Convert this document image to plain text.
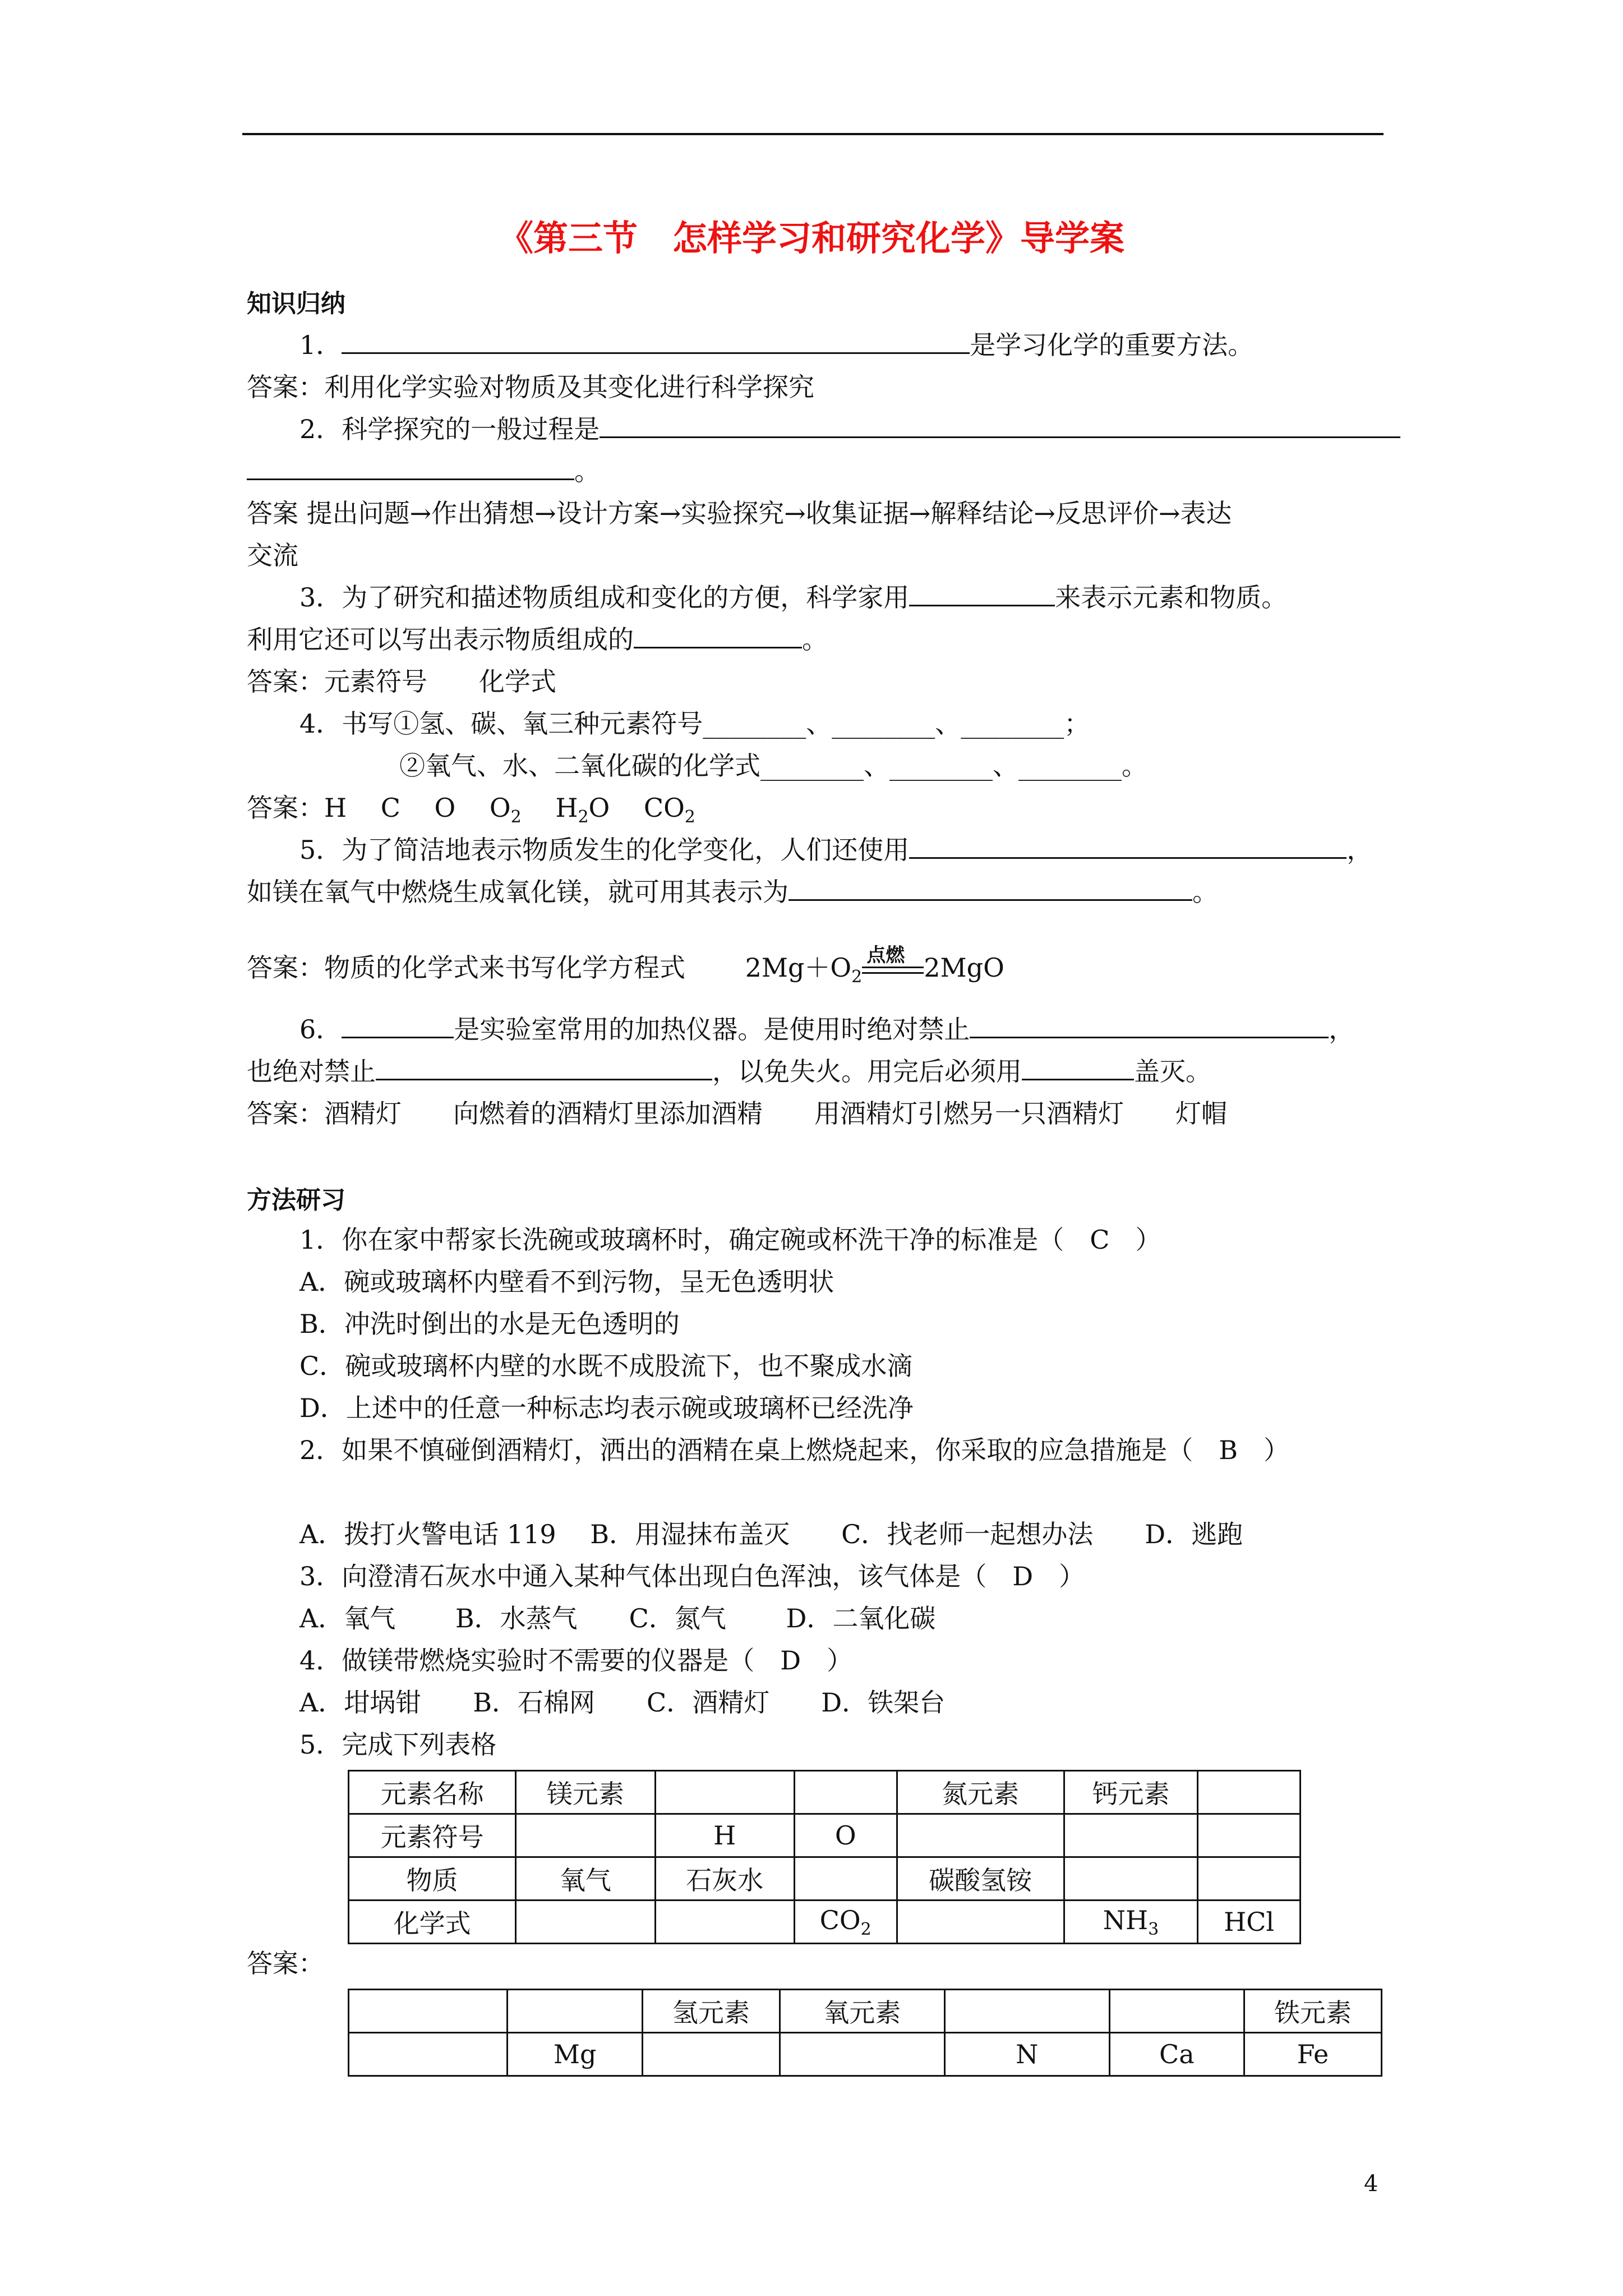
《第三节　怎样学习和研究化学》导学案
知识归纳
1．	是学习化学的重要方法。
答案：利用化学实验对物质及其变化进行科学探究
2．科学探究的一般过程是
。
答案 提出问题→作出猜想→设计方案→实验探究→收集证据→解释结论→反思评价→表达
交流
3．为了研究和描述物质组成和变化的方便，科学家用	来表示元素和物质。
利用它还可以写出表示物质组成的	。
答案：元素符号　　化学式
4．书写①氢、碳、氧三种元素符号________、________、________；
②氧气、水、二氧化碳的化学式________、________、________。
答案：H　 C　 O　 $O_2$　 $H_2O$　 $CO_2$
5．为了简洁地表示物质发生的化学变化，人们还使用	，
如镁在氧气中燃烧生成氧化镁，就可用其表示为	。
答案：物质的化学式来书写化学方程式　　 $2Mg+O_2$
点燃 2MgO
6．	是实验室常用的加热仪器。是使用时绝对禁止	，
也绝对禁止	，以免失火。用完后必须用	盖灭。
答案：酒精灯　　向燃着的酒精灯里添加酒精　　用酒精灯引燃另一只酒精灯　　灯帽
方法研习
1．你在家中帮家长洗碗或玻璃杯时，确定碗或杯洗干净的标准是（　C　）
A．碗或玻璃杯内壁看不到污物，呈无色透明状
B．冲洗时倒出的水是无色透明的
C．碗或玻璃杯内壁的水既不成股流下，也不聚成水滴
D．上述中的任意一种标志均表示碗或玻璃杯已经洗净
2．如果不慎碰倒酒精灯，洒出的酒精在桌上燃烧起来，你采取的应急措施是（　B　）
A．拨打火警电话 119　 B．用湿抹布盖灭　　C．找老师一起想办法　　D．逃跑
3．向澄清石灰水中通入某种气体出现白色浑浊，该气体是（　D　）
A．氧气　　 B．水蒸气　　C．氮气　　 D．二氧化碳
4．做镁带燃烧实验时不需要的仪器是（　D　）
A．坩埚钳　　B．石棉网　　C．酒精灯　　D．铁架台
5．完成下列表格
元素名称	镁元素			氮元素	钙元素	
元素符号		H	O			
物质	氧气	石灰水		碳酸氢铵		
化学式			$CO_2$		$NH_3$	HCl
答案：
		氢元素	氧元素			铁元素
	Mg			N	Ca	Fe
4
